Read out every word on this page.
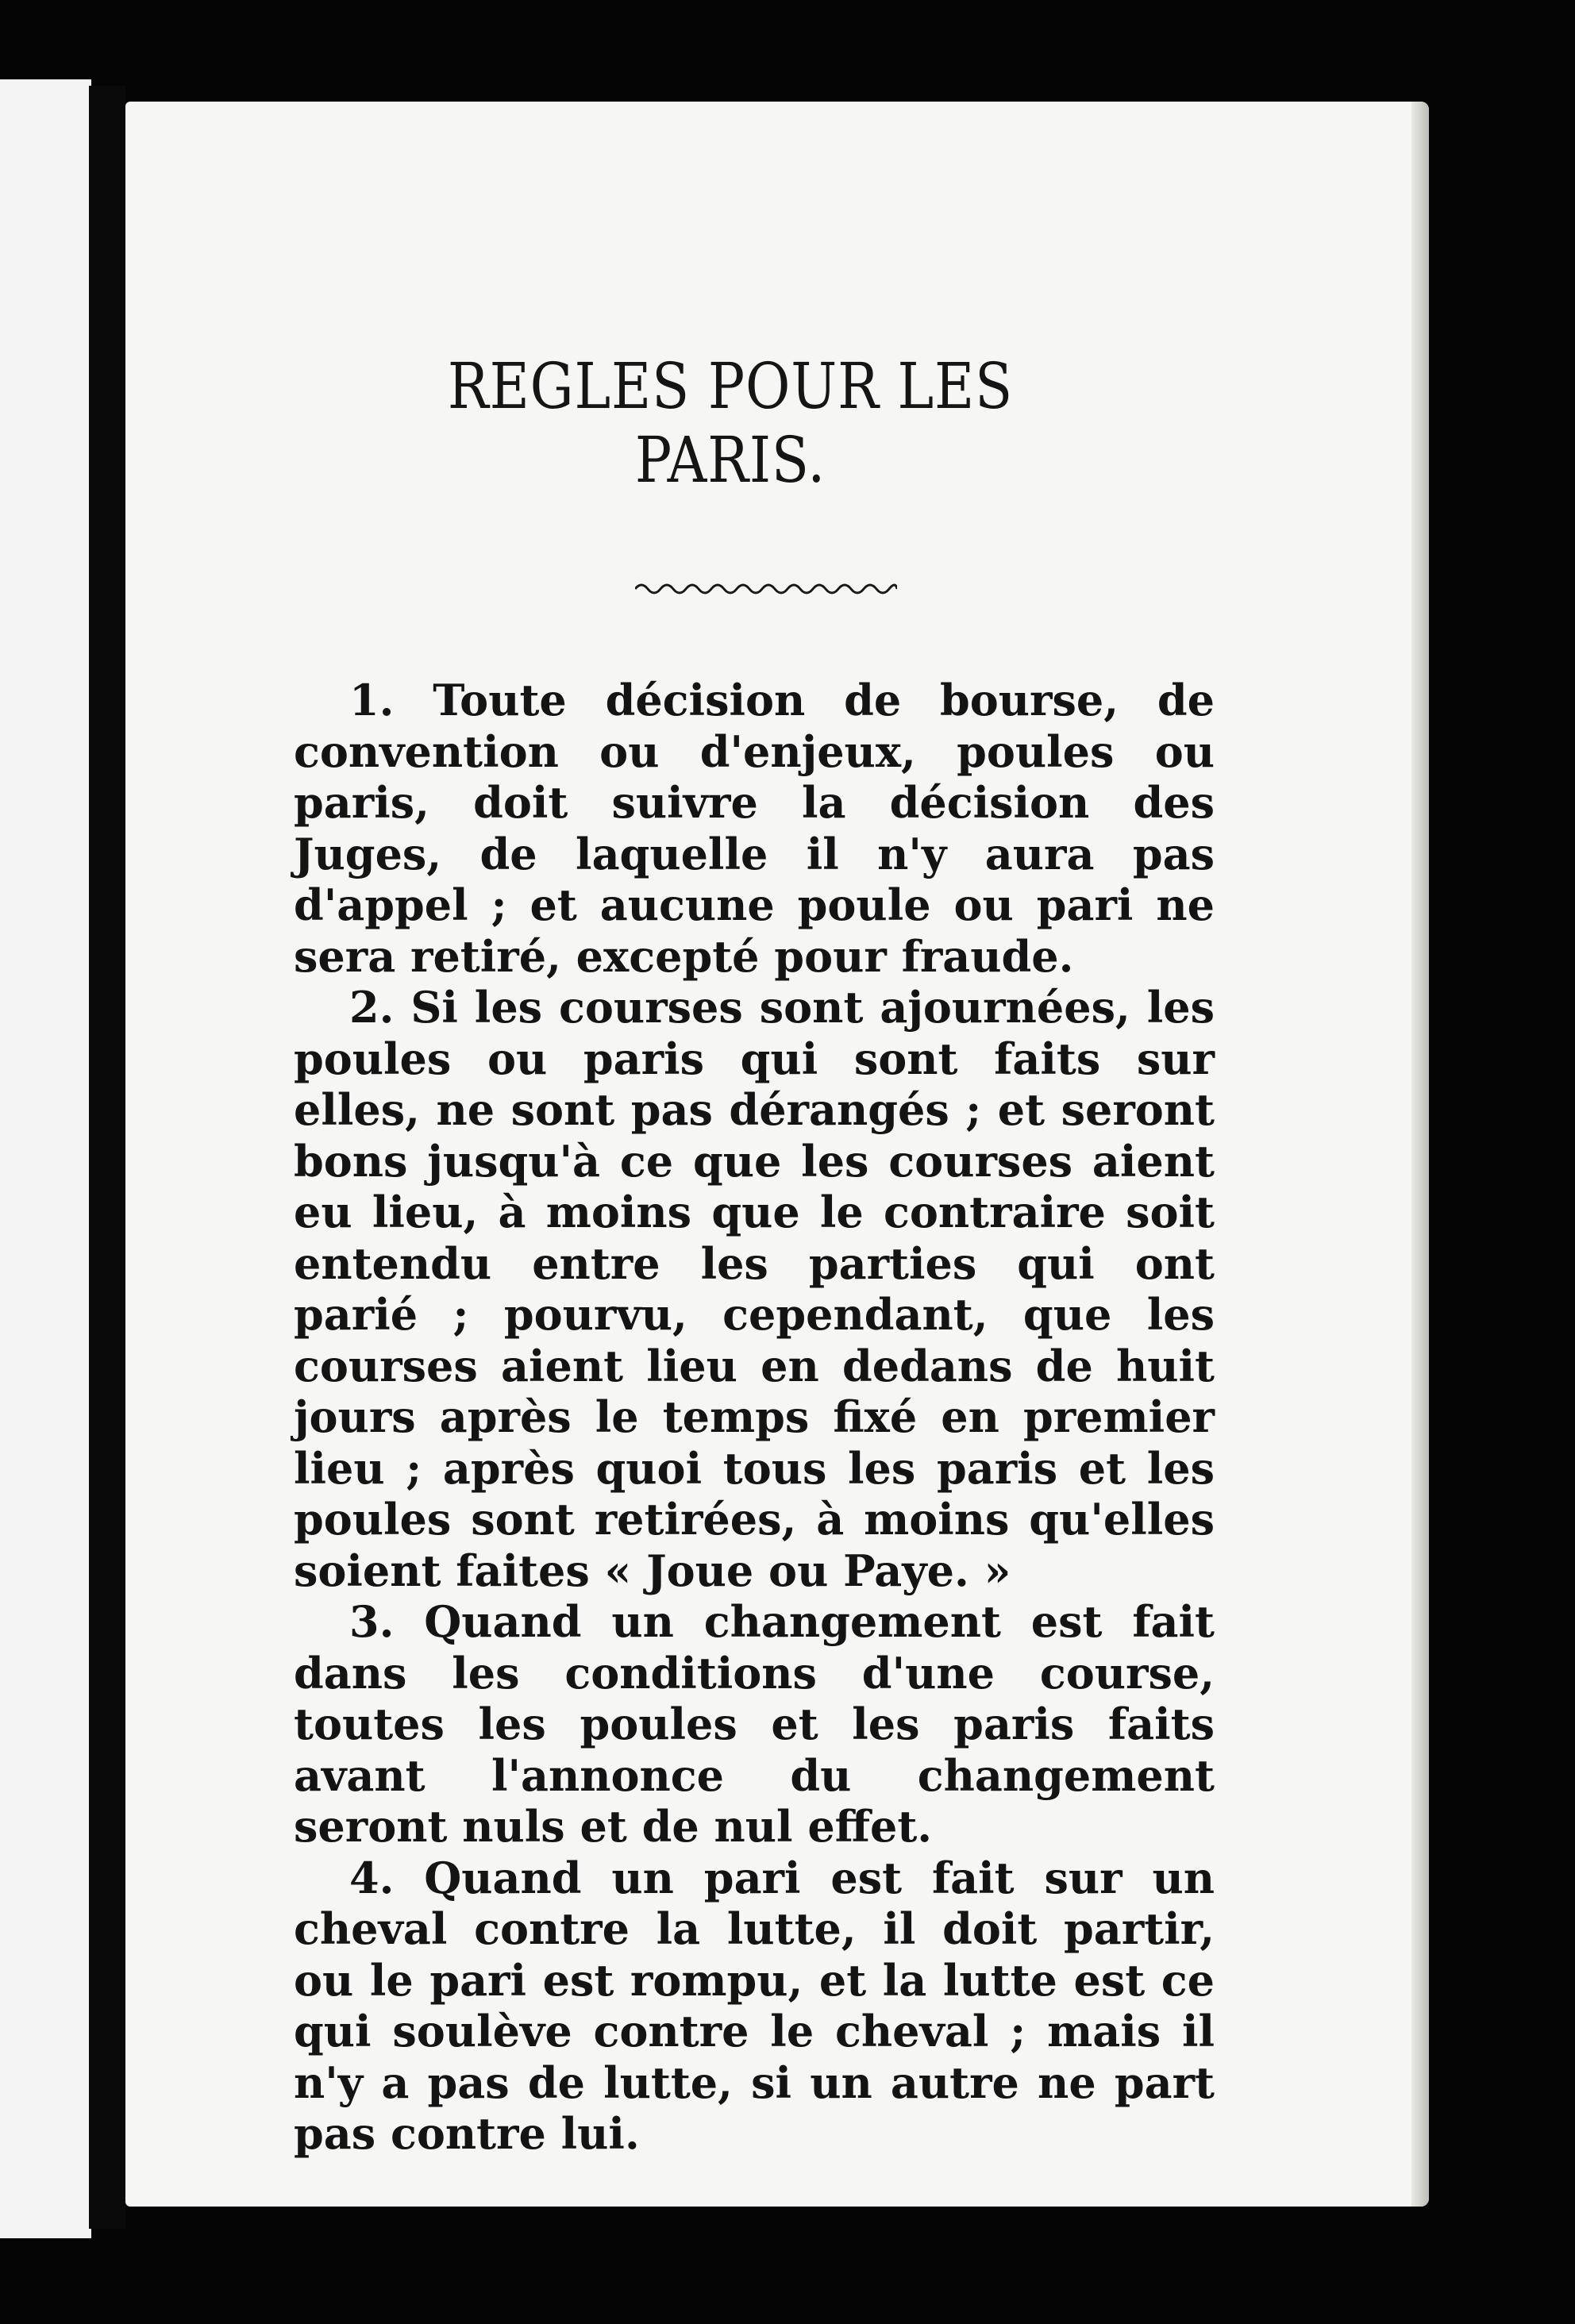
REGLES POUR LES PARIS.

1. Toute décision de bourse, de convention ou d'enjeux, poules ou paris, doit suivre la décision des Juges, de laquelle il n'y aura pas d'appel ; et aucune poule ou pari ne sera retiré, excepté pour fraude.

2. Si les courses sont ajournées, les poules ou paris qui sont faits sur elles, ne sont pas dérangés ; et seront bons jusqu'à ce que les courses aient eu lieu, à moins que le contraire soit entendu entre les parties qui ont parié ; pourvu, cependant, que les courses aient lieu en dedans de huit jours après le temps fixé en premier lieu ; après quoi tous les paris et les poules sont retirées, à moins qu'elles soient faites « Joue ou Paye. »

3. Quand un changement est fait dans les conditions d'une course, toutes les poules et les paris faits avant l'annonce du changement seront nuls et de nul effet.

4. Quand un pari est fait sur un cheval contre la lutte, il doit partir, ou le pari est rompu, et la lutte est ce qui soulève contre le cheval ; mais il n'y a pas de lutte, si un autre ne part pas contre lui.
